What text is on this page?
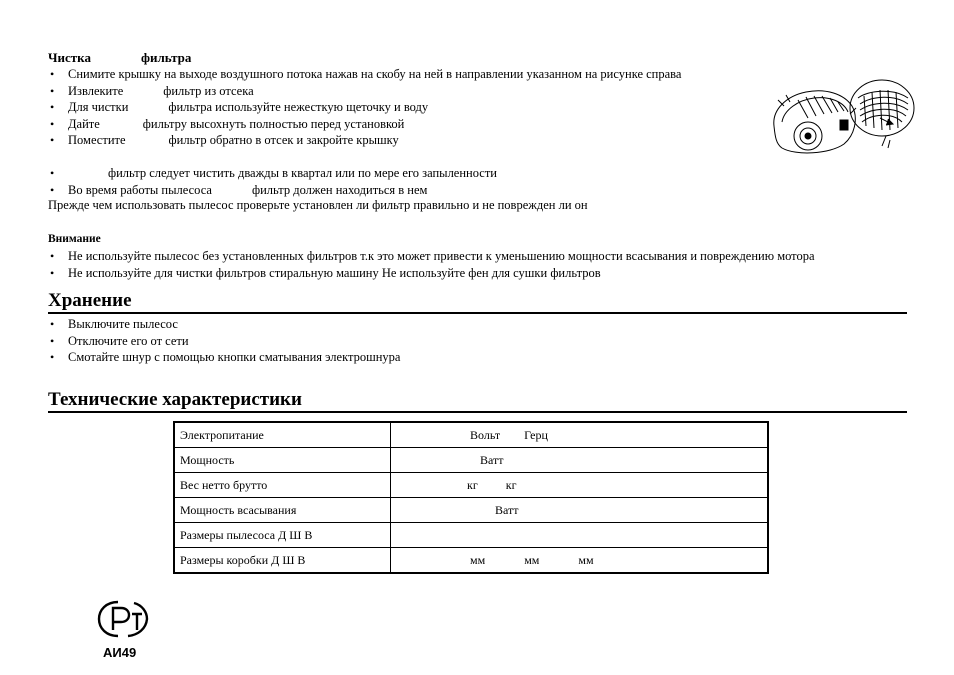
Чистка	фильтра
• Снимите крышку на выходе воздушного потока нажав на скобу на ней в направлении указанном на рисунке справа
• Извлеките	фильтр из отсека
• Для чистки	фильтра используйте нежесткую щеточку и воду
• Дайте	фильтру высохнуть полностью перед установкой
• Поместите	фильтр обратно в отсек и закройте крышку
• фильтр следует чистить дважды в квартал или по мере его запыленности
• Во время работы пылесоса	фильтр должен находиться в нем
Прежде чем использовать пылесос проверьте установлен ли фильтр правильно и не поврежден ли он
Внимание
• Не используйте пылесос без установленных фильтров т.к это может привести к уменьшению мощности всасывания и повреждению мотора
• Не используйте для чистки фильтров стиральную машину Не используйте фен для сушки фильтров
Хранение
• Выключите пылесос
• Отключите его от сети
• Смотайте шнур с помощью кнопки сматывания электрошнура
Технические характеристики
Электропитание	Вольт Герц
Мощность	Ватт
Вес нетто брутто	кг кг
Мощность всасывания	Ватт
Размеры пылесоса Д Ш В	
Размеры коробки Д Ш В	мм мм мм
АИ49
